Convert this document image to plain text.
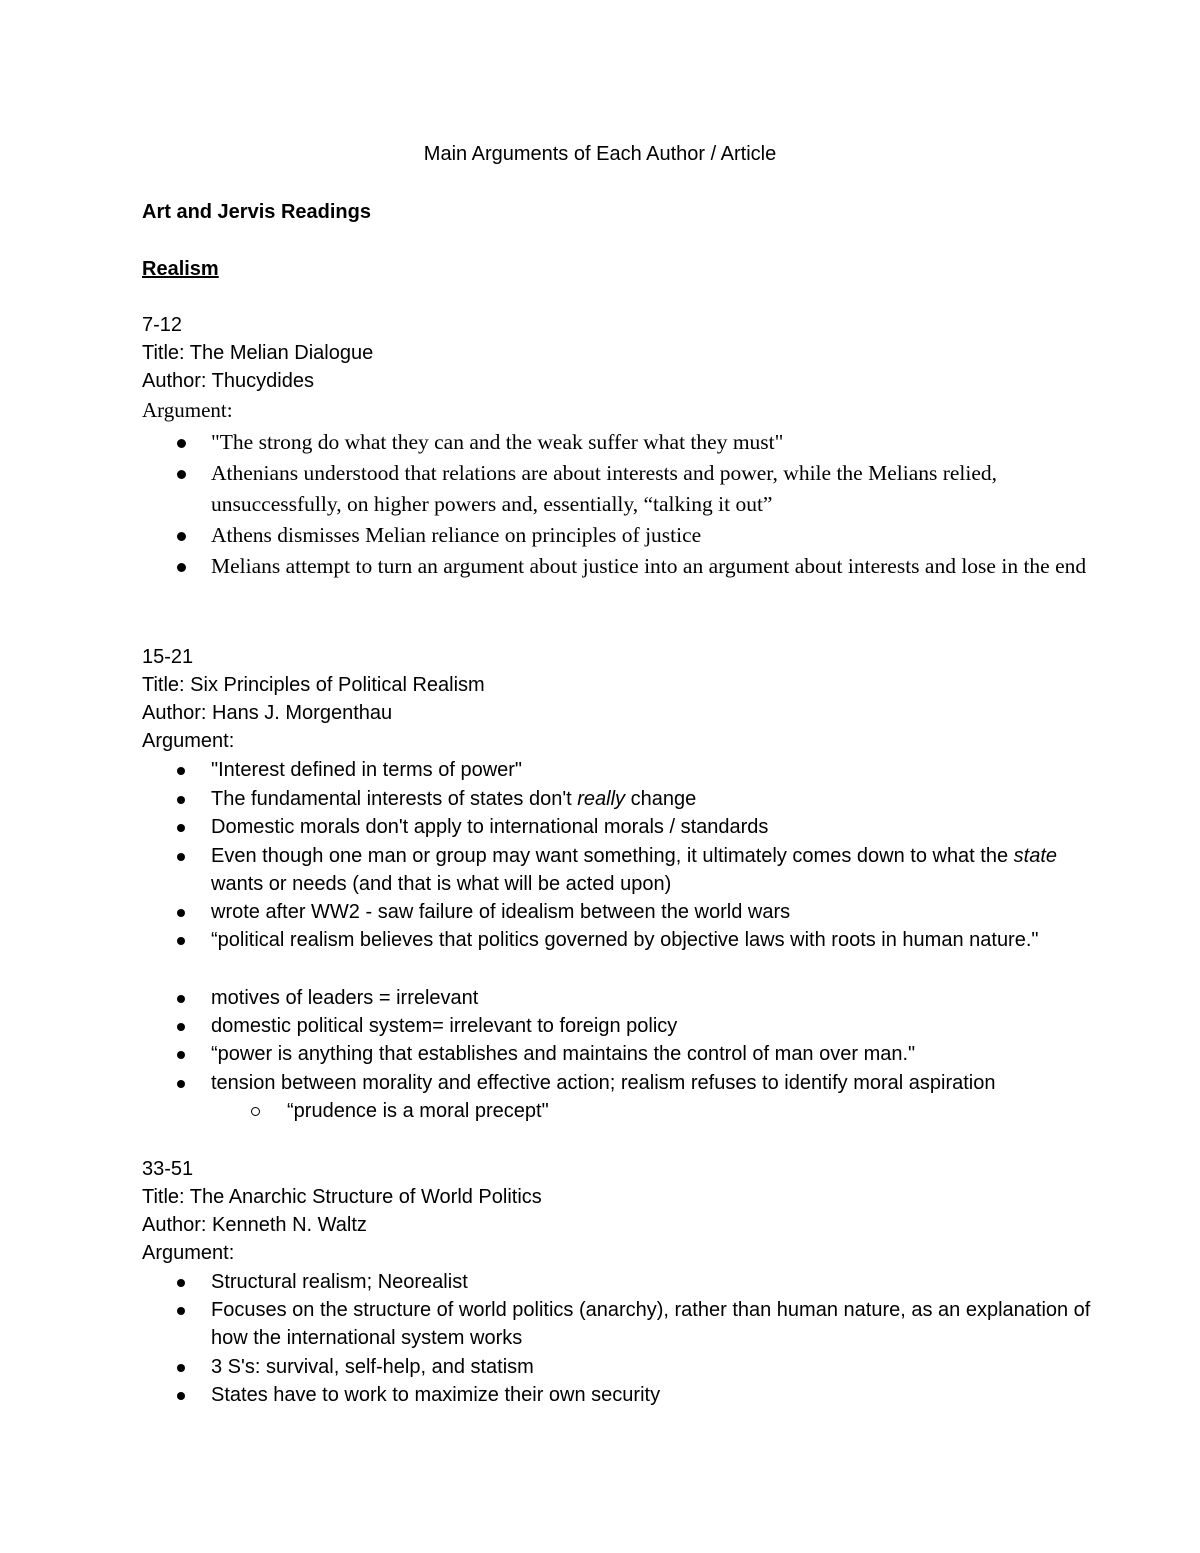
Main Arguments of Each Author / Article
Art and Jervis Readings
Realism
7-12
Title: The Melian Dialogue
Author: Thucydides
Argument:
"The strong do what they can and the weak suffer what they must"
Athenians understood that relations are about interests and power, while the Melians relied, unsuccessfully, on higher powers and, essentially, “talking it out”
Athens dismisses Melian reliance on principles of justice
Melians attempt to turn an argument about justice into an argument about interests and lose in the end
15-21
Title: Six Principles of Political Realism
Author: Hans J. Morgenthau
Argument:
"Interest defined in terms of power"
The fundamental interests of states don't really change
Domestic morals don't apply to international morals / standards
Even though one man or group may want something, it ultimately comes down to what the state wants or needs (and that is what will be acted upon)
wrote after WW2 - saw failure of idealism between the world wars
“political realism believes that politics governed by objective laws with roots in human nature."
motives of leaders = irrelevant
domestic political system= irrelevant to foreign policy
“power is anything that establishes and maintains the control of man over man."
tension between morality and effective action; realism refuses to identify moral aspiration
“prudence is a moral precept"
33-51
Title: The Anarchic Structure of World Politics
Author: Kenneth N. Waltz
Argument:
Structural realism; Neorealist
Focuses on the structure of world politics (anarchy), rather than human nature, as an explanation of how the international system works
3 S's: survival, self-help, and statism
States have to work to maximize their own security
